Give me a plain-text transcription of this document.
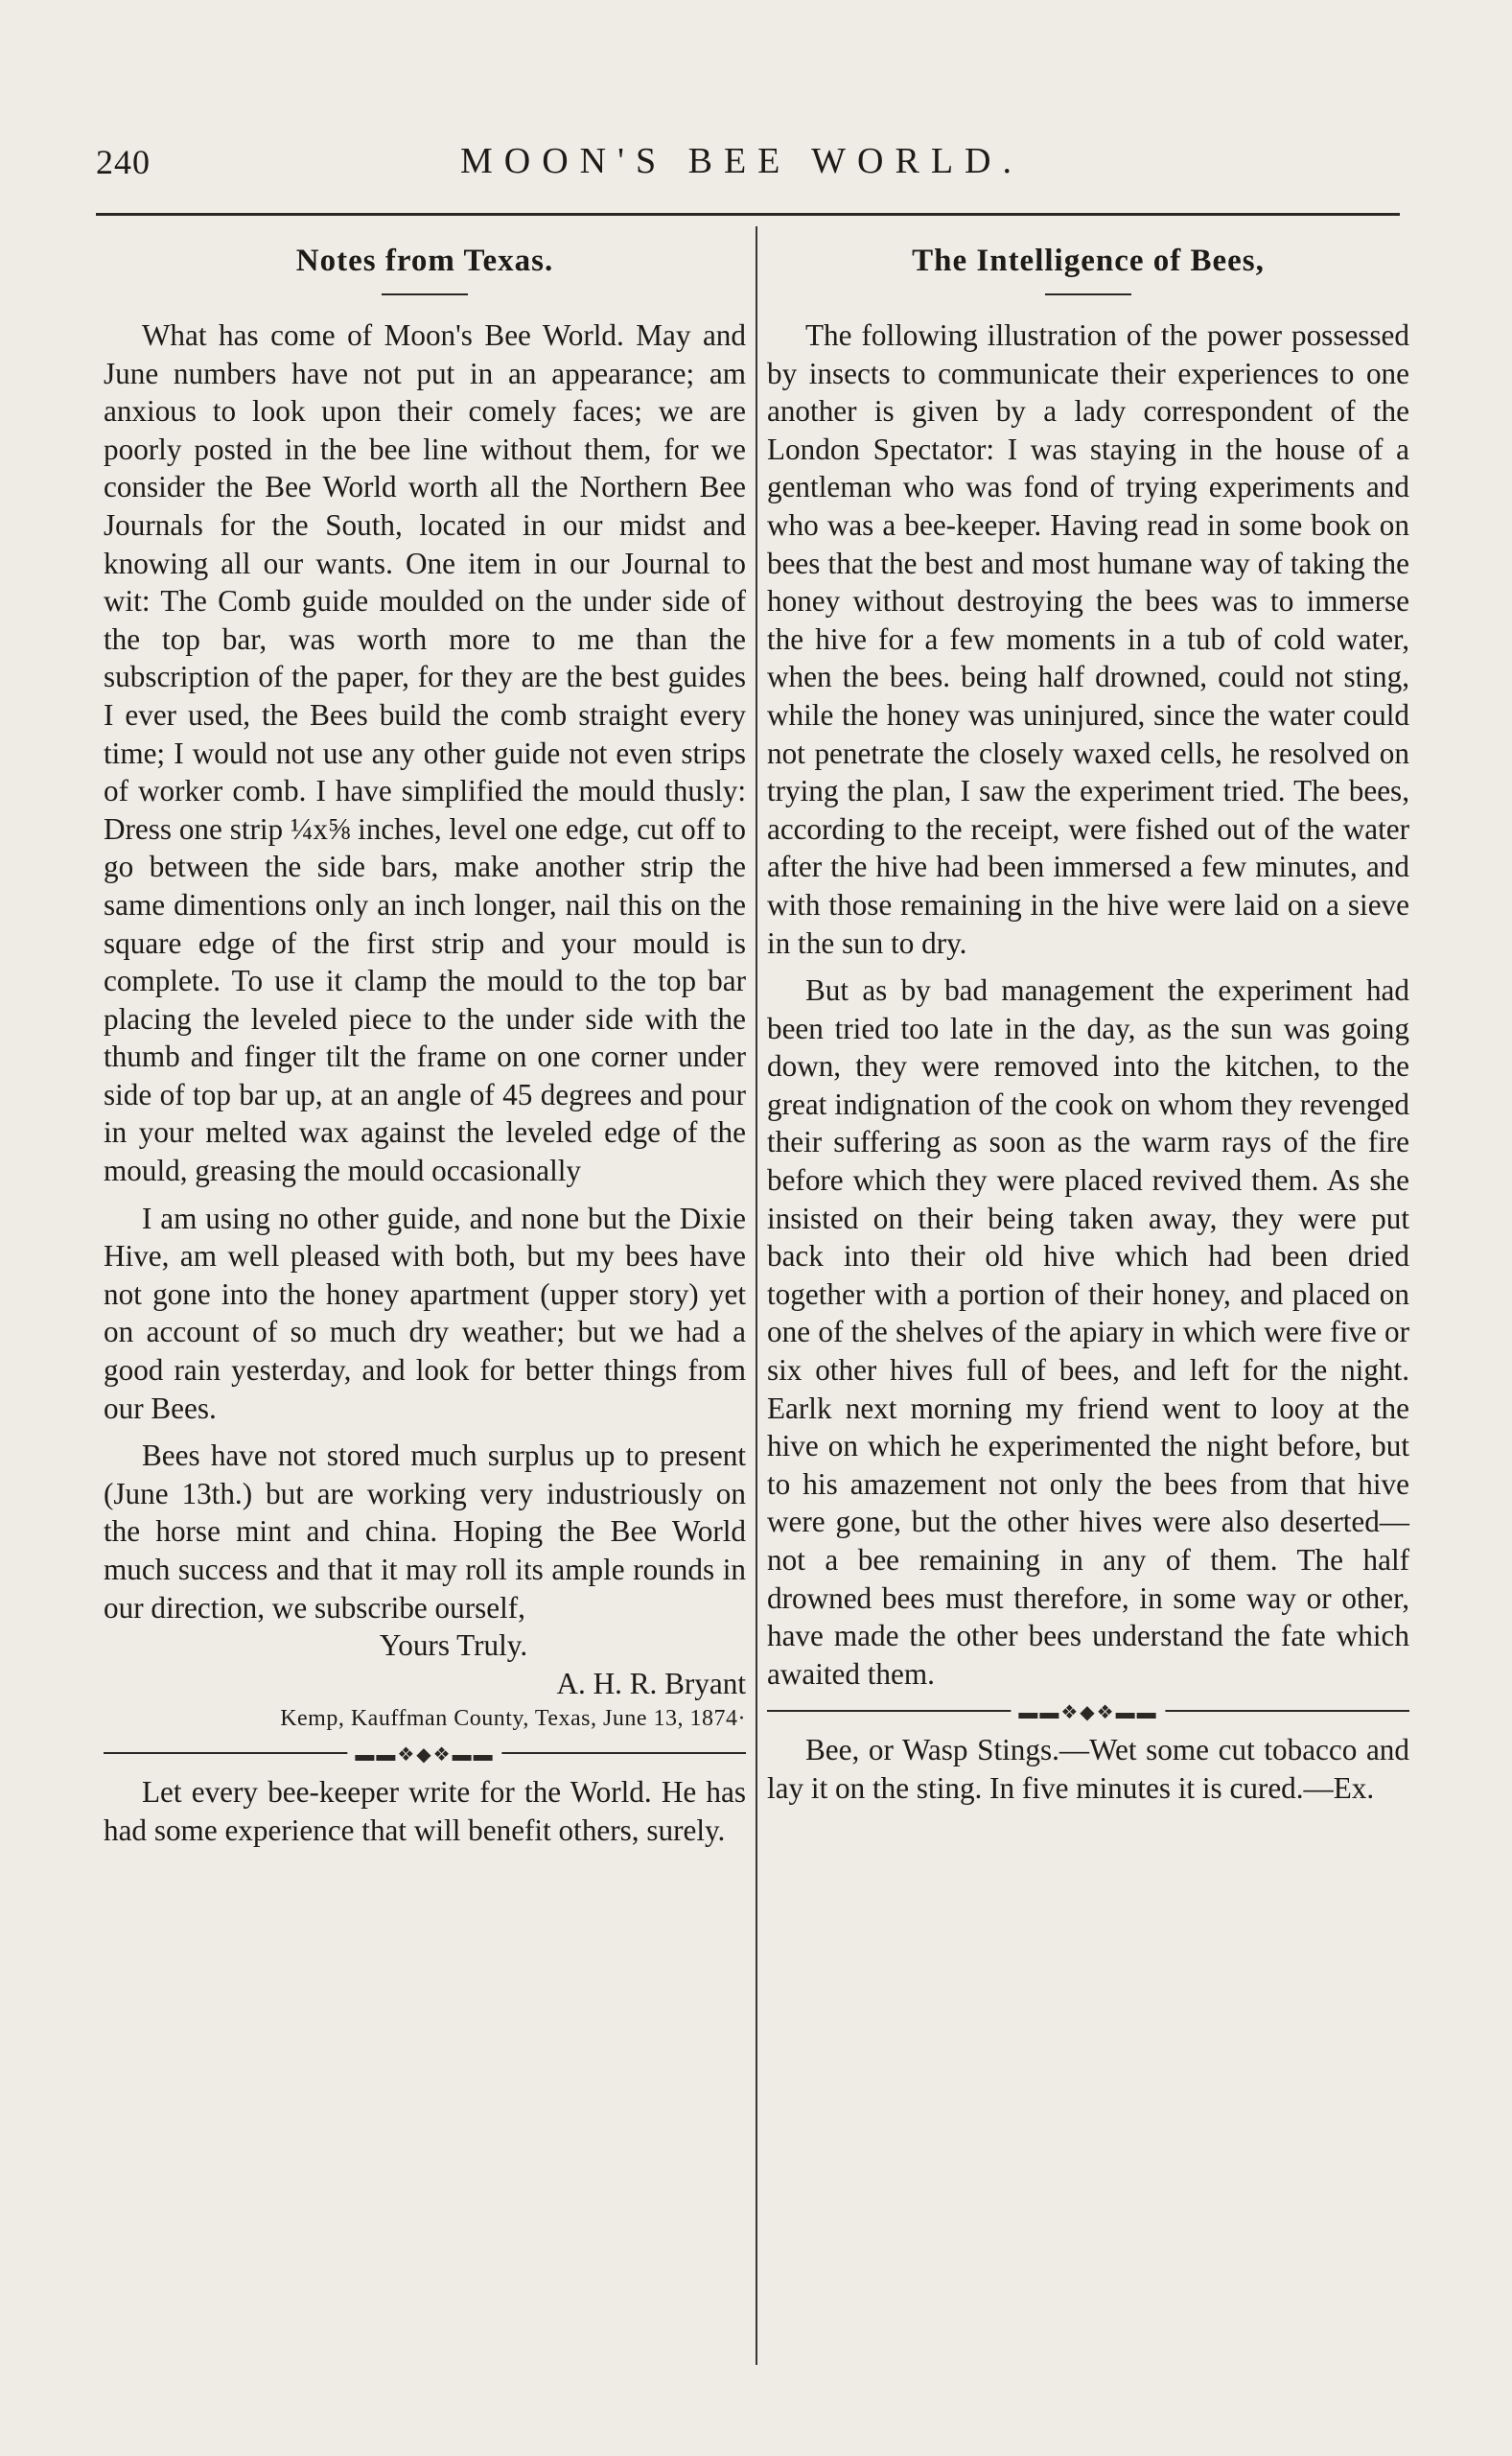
240	MOON'S BEE WORLD.
Notes from Texas.

What has come of Moon's Bee World. May and June numbers have not put in an appearance; am anxious to look upon their comely faces; we are poorly posted in the bee line without them, for we consider the Bee World worth all the Northern Bee Journals for the South, located in our midst and knowing all our wants. One item in our Journal to wit: The Comb guide moulded on the under side of the top bar, was worth more to me than the subscription of the paper, for they are the best guides I ever used, the Bees build the comb straight every time; I would not use any other guide not even strips of worker comb. I have simplified the mould thusly: Dress one strip ¼x⅝ inches, level one edge, cut off to go between the side bars, make another strip the same dimentions only an inch longer, nail this on the square edge of the first strip and your mould is complete. To use it clamp the mould to the top bar placing the leveled piece to the under side with the thumb and finger tilt the frame on one corner under side of top bar up, at an angle of 45 degrees and pour in your melted wax against the leveled edge of the mould, greasing the mould occasionally

I am using no other guide, and none but the Dixie Hive, am well pleased with both, but my bees have not gone into the honey apartment (upper story) yet on account of so much dry weather; but we had a good rain yesterday, and look for better things from our Bees.

Bees have not stored much surplus up to present (June 13th.) but are working very industriously on the horse mint and china. Hoping the Bee World much success and that it may roll its ample rounds in our direction, we subscribe ourself,

Yours Truly.
A. H. R. Bryant
Kemp, Kauffman County, Texas, June 13, 1874·
▬▬❖◆❖▬▬

Let every bee-keeper write for the World. He has had some experience that will benefit others, surely.

The Intelligence of Bees,

The following illustration of the power possessed by insects to communicate their experiences to one another is given by a lady correspondent of the London Spectator: I was staying in the house of a gentleman who was fond of trying experiments and who was a bee-keeper. Having read in some book on bees that the best and most humane way of taking the honey without destroying the bees was to immerse the hive for a few moments in a tub of cold water, when the bees. being half drowned, could not sting, while the honey was uninjured, since the water could not penetrate the closely waxed cells, he resolved on trying the plan, I saw the experiment tried. The bees, according to the receipt, were fished out of the water after the hive had been immersed a few minutes, and with those remaining in the hive were laid on a sieve in the sun to dry.

But as by bad management the experiment had been tried too late in the day, as the sun was going down, they were removed into the kitchen, to the great indignation of the cook on whom they revenged their suffering as soon as the warm rays of the fire before which they were placed revived them. As she insisted on their being taken away, they were put back into their old hive which had been dried together with a portion of their honey, and placed on one of the shelves of the apiary in which were five or six other hives full of bees, and left for the night. Earlk next morning my friend went to looy at the hive on which he experimented the night before, but to his amazement not only the bees from that hive were gone, but the other hives were also deserted—not a bee remaining in any of them. The half drowned bees must therefore, in some way or other, have made the other bees understand the fate which awaited them.

▬▬❖◆❖▬▬

Bee, or Wasp Stings.—Wet some cut tobacco and lay it on the sting. In five minutes it is cured.—Ex.
